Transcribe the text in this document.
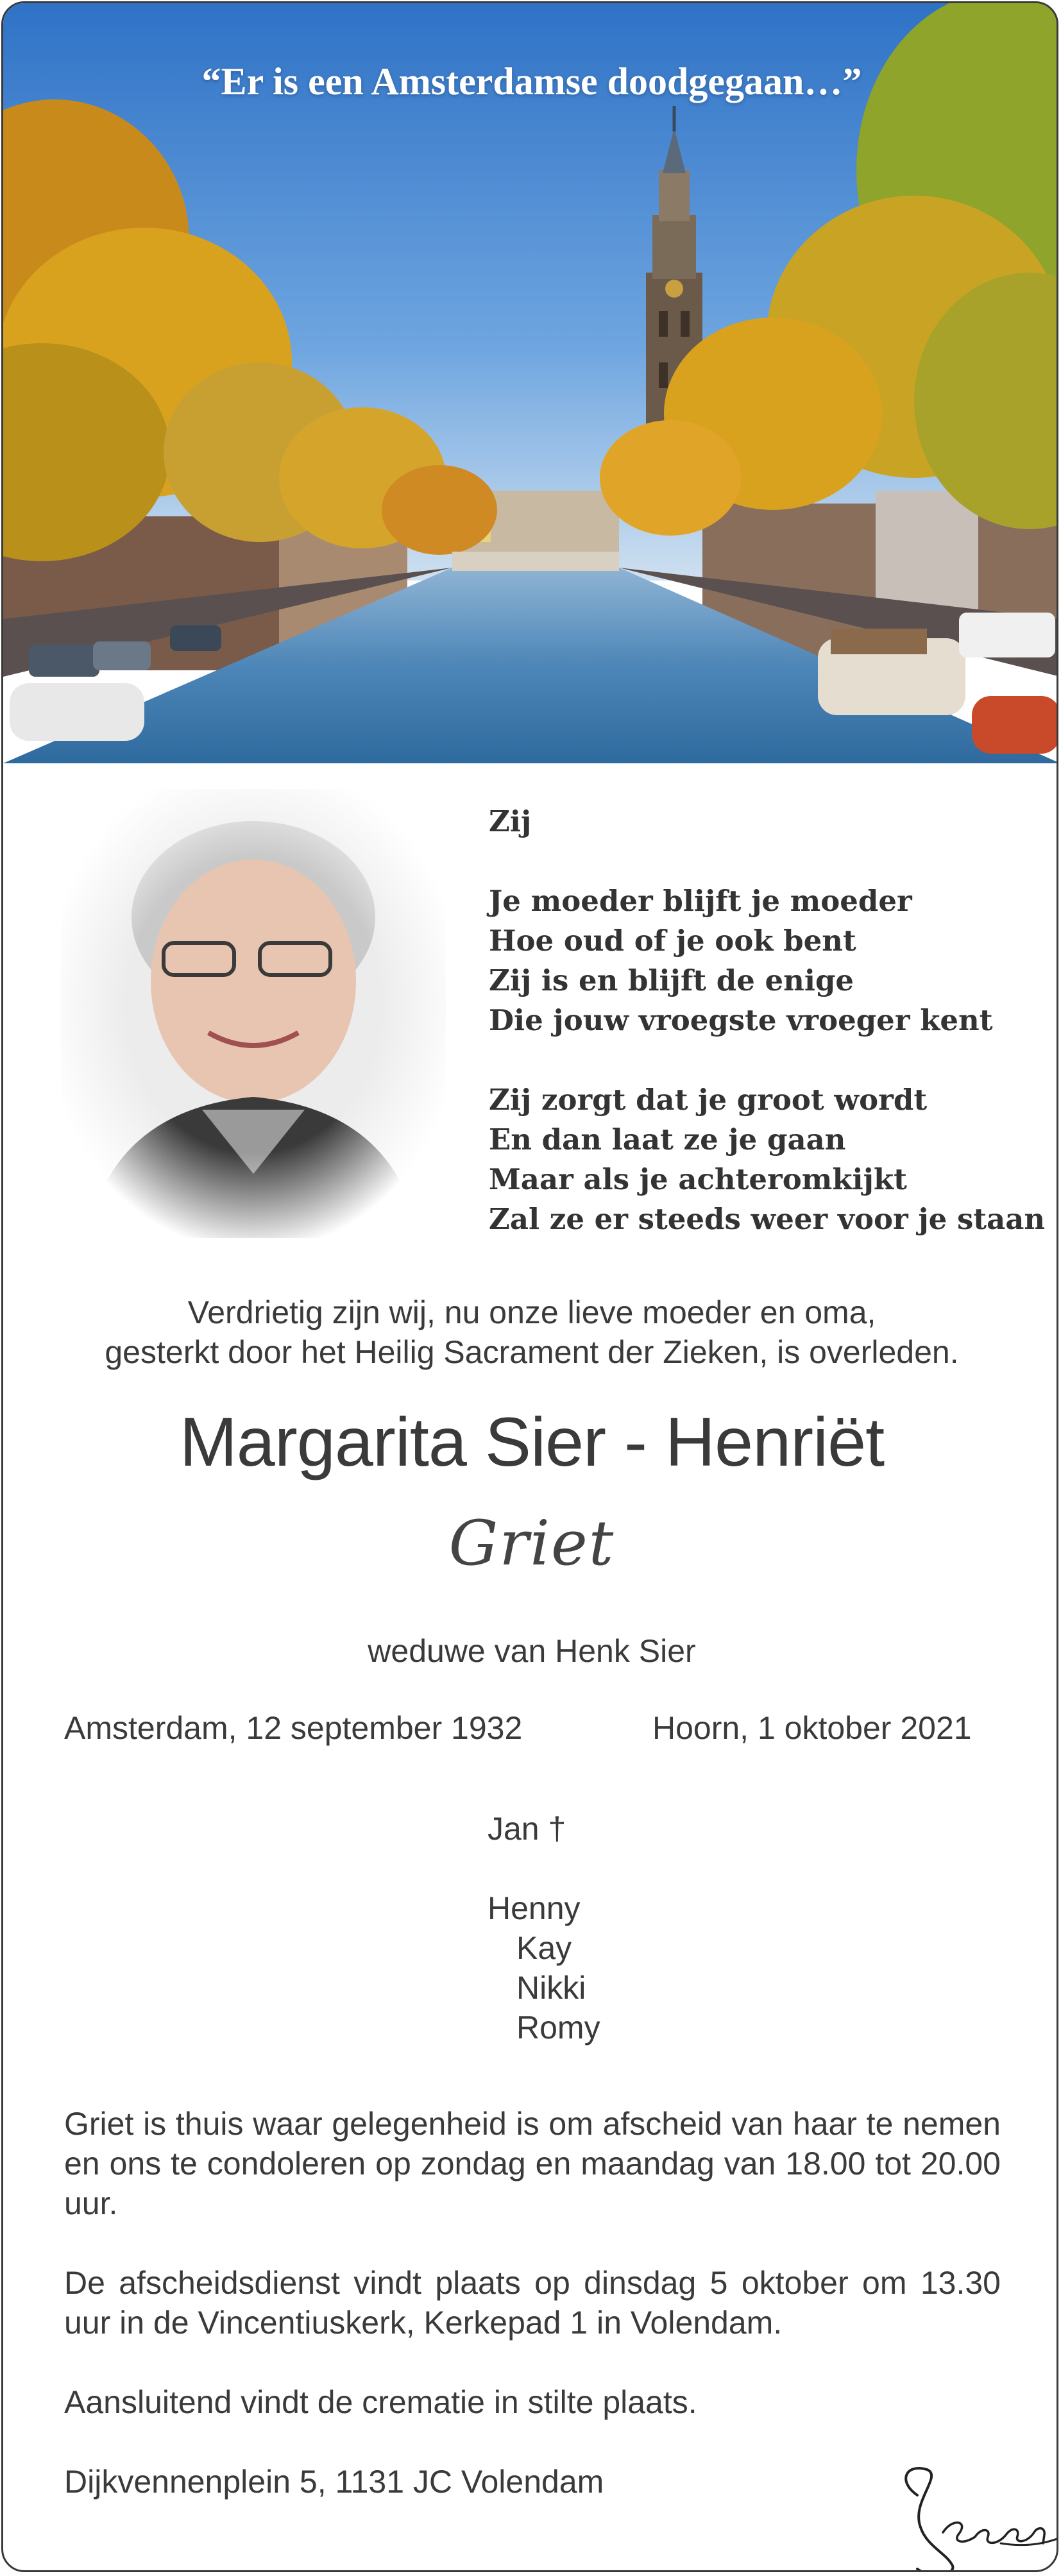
“Er is een Amsterdamse doodgegaan…”
Zij
Je moeder blijft je moeder
Hoe oud of je ook bent
Zij is en blijft de enige
Die jouw vroegste vroeger kent
Zij zorgt dat je groot wordt
En dan laat ze je gaan
Maar als je achteromkijkt
Zal ze er steeds weer voor je staan
Verdrietig zijn wij, nu onze lieve moeder en oma,
gesterkt door het Heilig Sacrament der Zieken, is overleden.
Margarita Sier - Henriët
Griet
weduwe van Henk Sier
Amsterdam, 12 september 1932	Hoorn, 1 oktober 2021
Jan †
Henny
Kay
Nikki
Romy

Griet is thuis waar gelegenheid is om afscheid van haar te nemen en ons te condoleren op zondag en maandag van 18.00 tot 20.00 uur.

De afscheidsdienst vindt plaats op dinsdag 5 oktober om 13.30 uur in de Vincentiuskerk, Kerkepad 1 in Volendam.

Aansluitend vindt de crematie in stilte plaats.

Dijkvennenplein 5, 1131 JC Volendam
